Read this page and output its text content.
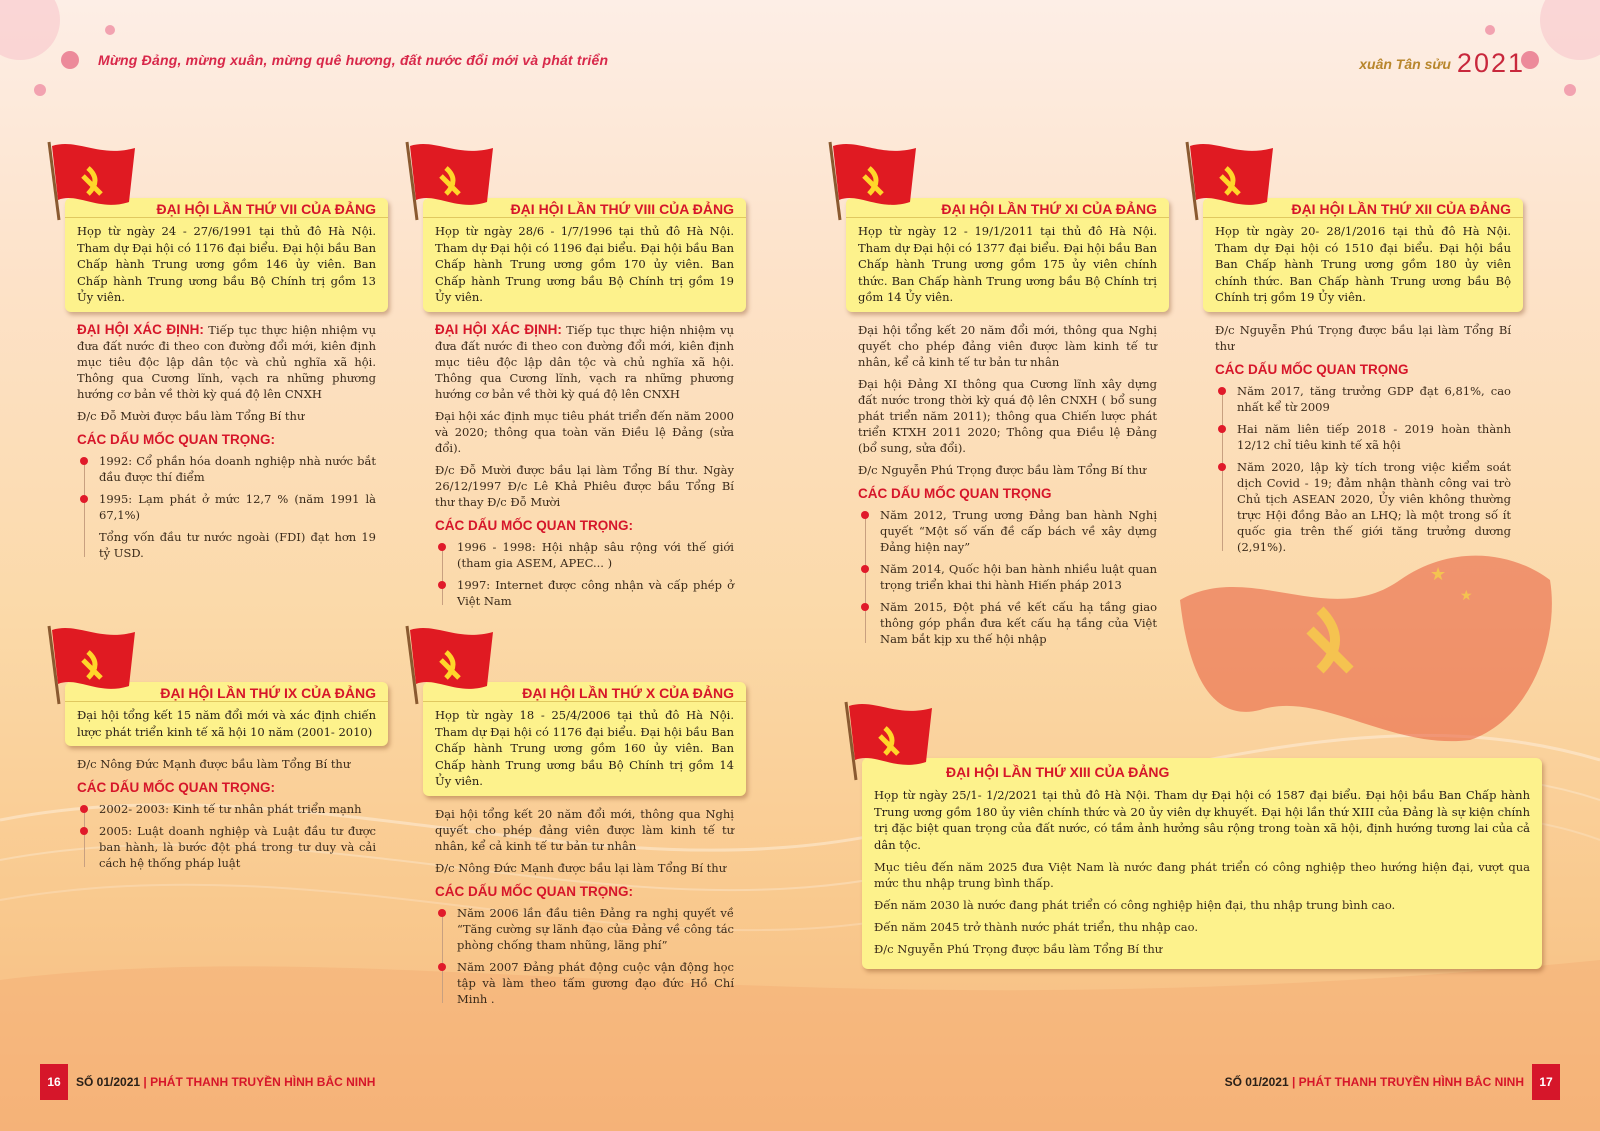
Mừng Đảng, mừng xuân, mừng quê hương, đất nước đổi mới và phát triển	xuân Tân sửu 2021
★
★
ĐẠI HỘI LẦN THỨ VII CỦA ĐẢNG
Họp từ ngày 24 - 27/6/1991 tại thủ đô Hà Nội. Tham dự Đại hội có 1176 đại biểu. Đại hội bầu Ban Chấp hành Trung ương gồm 146 ủy viên. Ban Chấp hành Trung ương bầu Bộ Chính trị gồm 13 Ủy viên.
ĐẠI HỘI XÁC ĐỊNH: Tiếp tục thực hiện nhiệm vụ đưa đất nước đi theo con đường đổi mới, kiên định mục tiêu độc lập dân tộc và chủ nghĩa xã hội. Thông qua Cương lĩnh, vạch ra những phương hướng cơ bản về thời kỳ quá độ lên CNXH
Đ/c Đỗ Mười được bầu làm Tổng Bí thư
CÁC DẤU MỐC QUAN TRỌNG:
1992: Cổ phần hóa doanh nghiệp nhà nước bắt đầu được thí điểm
1995: Lạm phát ở mức 12,7 % (năm 1991 là 67,1%)
Tổng vốn đầu tư nước ngoài (FDI) đạt hơn 19 tỷ USD.
ĐẠI HỘI LẦN THỨ VIII CỦA ĐẢNG
Họp từ ngày 28/6 - 1/7/1996 tại thủ đô Hà Nội. Tham dự Đại hội có 1196 đại biểu. Đại hội bầu Ban Chấp hành Trung ương gồm 170 ủy viên. Ban Chấp hành Trung ương bầu Bộ Chính trị gồm 19 Ủy viên.
ĐẠI HỘI XÁC ĐỊNH: Tiếp tục thực hiện nhiệm vụ đưa đất nước đi theo con đường đổi mới, kiên định mục tiêu độc lập dân tộc và chủ nghĩa xã hội. Thông qua Cương lĩnh, vạch ra những phương hướng cơ bản về thời kỳ quá độ lên CNXH
Đại hội xác định mục tiêu phát triển đến năm 2000 và 2020; thông qua toàn văn Điều lệ Đảng (sửa đổi).
Đ/c Đỗ Mười được bầu lại làm Tổng Bí thư. Ngày 26/12/1997 Đ/c Lê Khả Phiêu được bầu Tổng Bí thư thay Đ/c Đỗ Mười
CÁC DẤU MỐC QUAN TRỌNG:
1996 - 1998: Hội nhập sâu rộng với thế giới (tham gia ASEM, APEC... )
1997: Internet được công nhận và cấp phép ở Việt Nam
ĐẠI HỘI LẦN THỨ XI CỦA ĐẢNG
Họp từ ngày 12 - 19/1/2011 tại thủ đô Hà Nội. Tham dự Đại hội có 1377 đại biểu. Đại hội bầu Ban Chấp hành Trung ương gồm 175 ủy viên chính thức. Ban Chấp hành Trung ương bầu Bộ Chính trị gồm 14 Ủy viên.
Đại hội tổng kết 20 năm đổi mới, thông qua Nghị quyết cho phép đảng viên được làm kinh tế tư nhân, kể cả kinh tế tư bản tư nhân
Đại hội Đảng XI thông qua Cương lĩnh xây dựng đất nước trong thời kỳ quá độ lên CNXH ( bổ sung phát triển năm 2011); thông qua Chiến lược phát triển KTXH 2011 2020; Thông qua Điều lệ Đảng (bổ sung, sửa đổi).
Đ/c Nguyễn Phú Trọng được bầu làm Tổng Bí thư
CÁC DẤU MỐC QUAN TRỌNG
Năm 2012, Trung ương Đảng ban hành Nghị quyết “Một số vấn đề cấp bách về xây dựng Đảng hiện nay”
Năm 2014, Quốc hội ban hành nhiều luật quan trọng triển khai thi hành Hiến pháp 2013
Năm 2015, Đột phá về kết cấu hạ tầng giao thông góp phần đưa kết cấu hạ tầng của Việt Nam bắt kịp xu thế hội nhập
ĐẠI HỘI LẦN THỨ XII CỦA ĐẢNG
Họp từ ngày 20- 28/1/2016 tại thủ đô Hà Nội. Tham dự Đại hội có 1510 đại biểu. Đại hội bầu Ban Chấp hành Trung ương gồm 180 ủy viên chính thức. Ban Chấp hành Trung ương bầu Bộ Chính trị gồm 19 Ủy viên.
Đ/c Nguyễn Phú Trọng được bầu lại làm Tổng Bí thư
CÁC DẤU MỐC QUAN TRỌNG
Năm 2017, tăng trưởng GDP đạt 6,81%, cao nhất kể từ 2009
Hai năm liên tiếp 2018 - 2019 hoàn thành 12/12 chỉ tiêu kinh tế xã hội
Năm 2020, lập kỳ tích trong việc kiểm soát dịch Covid - 19; đảm nhận thành công vai trò Chủ tịch ASEAN 2020, Ủy viên không thường trực Hội đồng Bảo an LHQ; là một trong số ít quốc gia trên thế giới tăng trưởng dương (2,91%).
ĐẠI HỘI LẦN THỨ IX CỦA ĐẢNG
Đại hội tổng kết 15 năm đổi mới và xác định chiến lược phát triển kinh tế xã hội 10 năm (2001- 2010)
Đ/c Nông Đức Mạnh được bầu làm Tổng Bí thư
CÁC DẤU MỐC QUAN TRỌNG:
2002- 2003: Kinh tế tư nhân phát triển mạnh
2005: Luật doanh nghiệp và Luật đầu tư được ban hành, là bước đột phá trong tư duy và cải cách hệ thống pháp luật
ĐẠI HỘI LẦN THỨ X CỦA ĐẢNG
Họp từ ngày 18 - 25/4/2006 tại thủ đô Hà Nội. Tham dự Đại hội có 1176 đại biểu. Đại hội bầu Ban Chấp hành Trung ương gồm 160 ủy viên. Ban Chấp hành Trung ương bầu Bộ Chính trị gồm 14 Ủy viên.
Đại hội tổng kết 20 năm đổi mới, thông qua Nghị quyết cho phép đảng viên được làm kinh tế tư nhân, kể cả kinh tế tư bản tư nhân
Đ/c Nông Đức Mạnh được bầu lại làm Tổng Bí thư
CÁC DẤU MỐC QUAN TRỌNG:
Năm 2006 lần đầu tiên Đảng ra nghị quyết về “Tăng cường sự lãnh đạo của Đảng về công tác phòng chống tham nhũng, lãng phí”
Năm 2007 Đảng phát động cuộc vận động học tập và làm theo tấm gương đạo đức Hồ Chí Minh .
ĐẠI HỘI LẦN THỨ XIII CỦA ĐẢNG
Họp từ ngày 25/1- 1/2/2021 tại thủ đô Hà Nội. Tham dự Đại hội có 1587 đại biểu. Đại hội bầu Ban Chấp hành Trung ương gồm 180 ủy viên chính thức và 20 ủy viên dự khuyết. Đại hội lần thứ XIII của Đảng là sự kiện chính trị đặc biệt quan trọng của đất nước, có tầm ảnh hưởng sâu rộng trong toàn xã hội, định hướng tương lai của cả dân tộc.
Mục tiêu đến năm 2025 đưa Việt Nam là nước đang phát triển có công nghiệp theo hướng hiện đại, vượt qua mức thu nhập trung bình thấp.
Đến năm 2030 là nước đang phát triển có công nghiệp hiện đại, thu nhập trung bình cao.
Đến năm 2045 trở thành nước phát triển, thu nhập cao.
Đ/c Nguyễn Phú Trọng được bầu làm Tổng Bí thư
16	SỐ 01/2021 | PHÁT THANH TRUYỀN HÌNH BẮC NINH	SỐ 01/2021 | PHÁT THANH TRUYỀN HÌNH BẮC NINH	17
